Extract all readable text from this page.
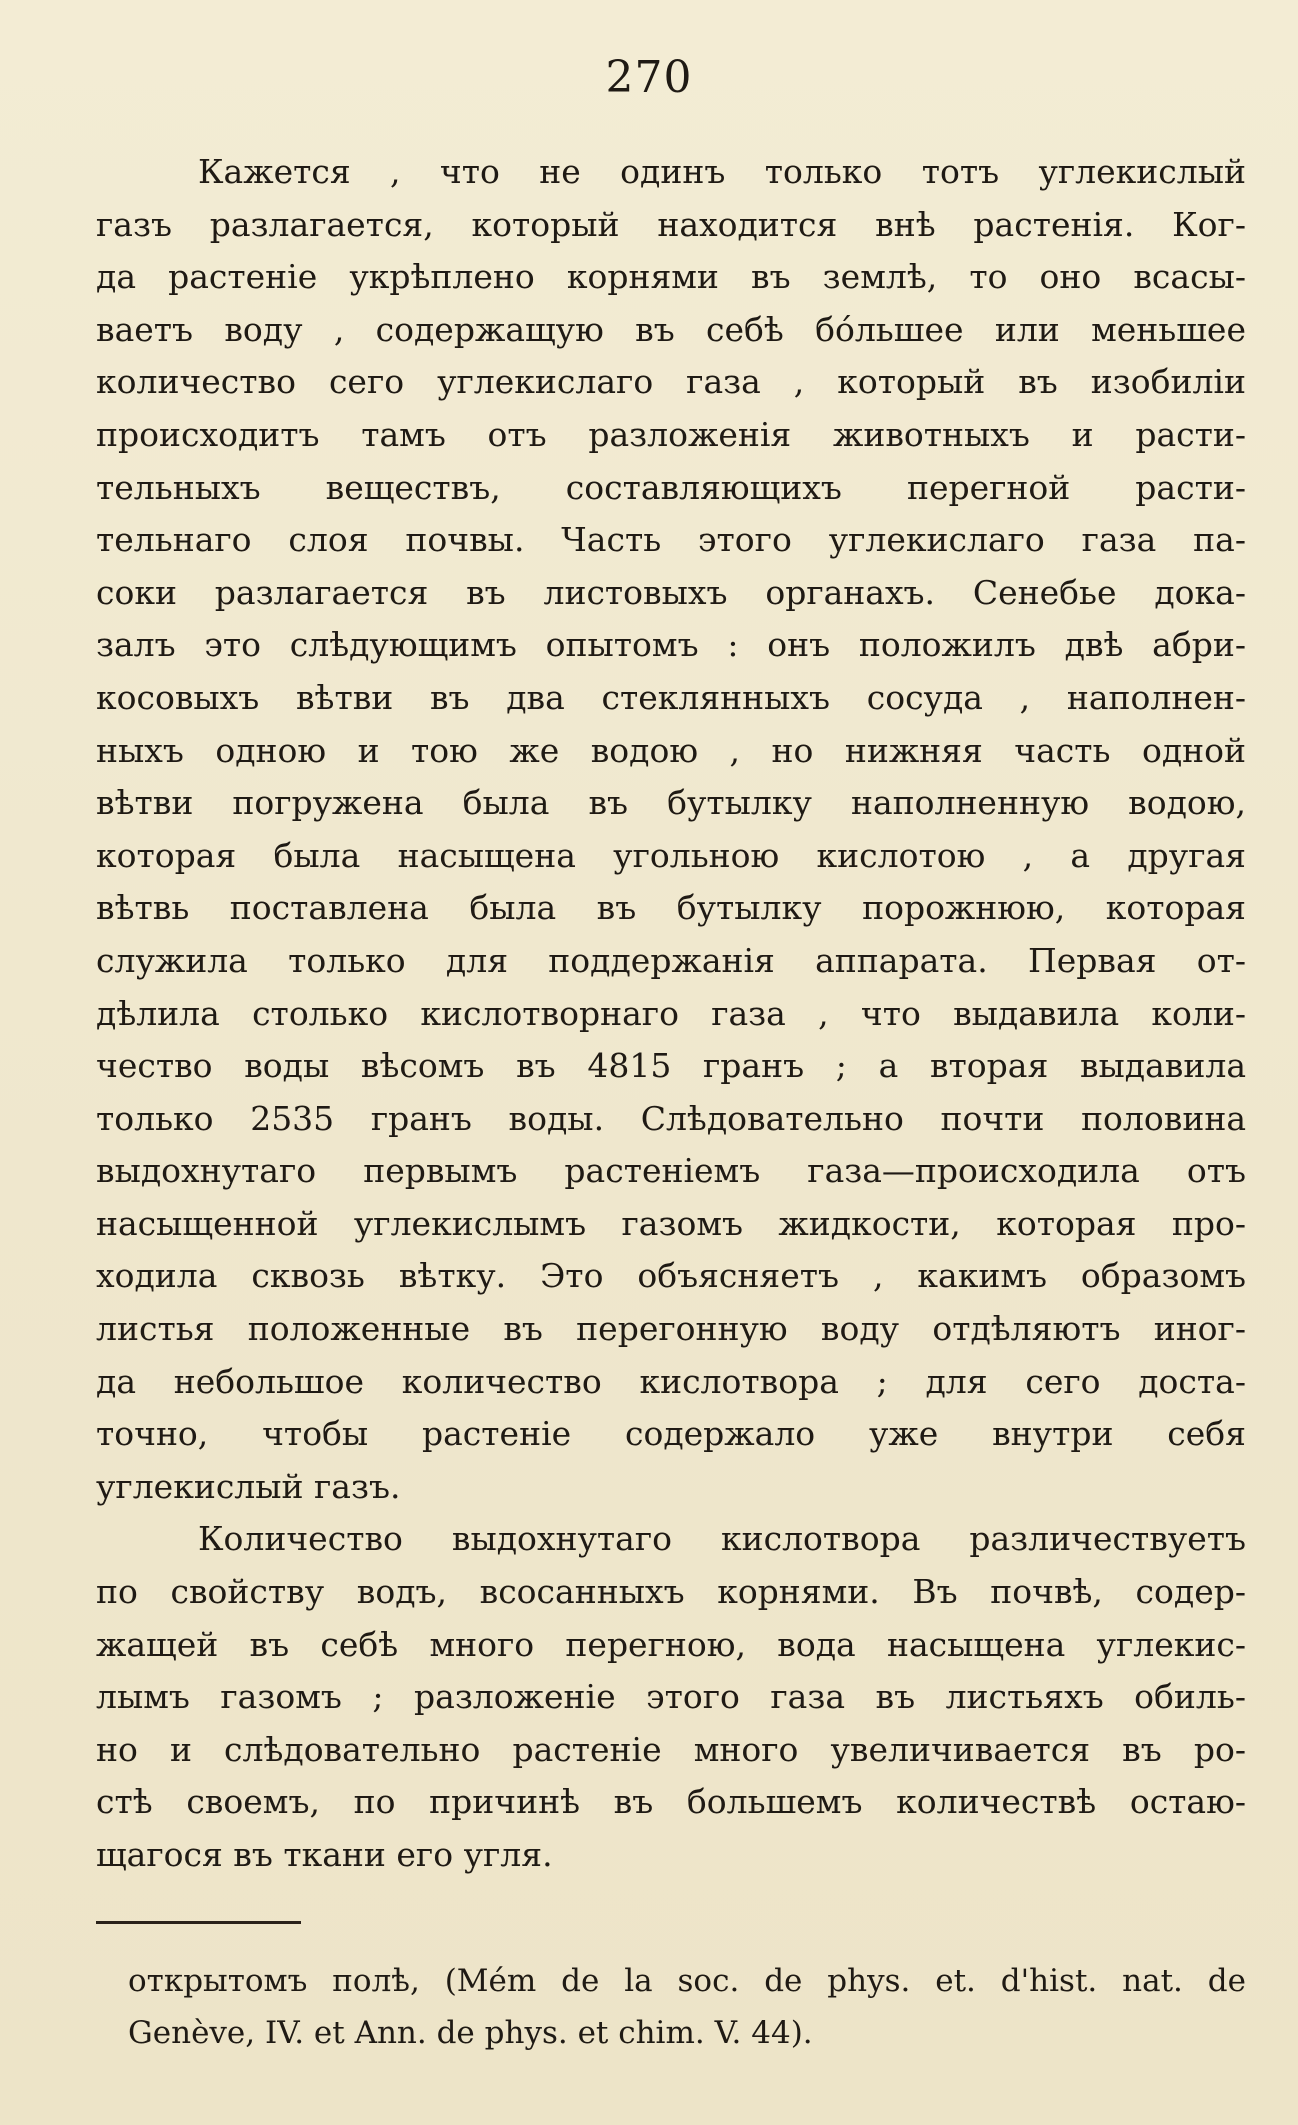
270

Кажется , что не одинъ только тотъ углекислый
газъ разлагается, который находится внѣ растенія. Ког-
да растеніе укрѣплено корнями въ землѣ, то оно всасы-
ваетъ воду , содержащую въ себѣ бо́льшее или меньшее
количество сего углекислаго газа , который въ изобиліи
происходитъ тамъ отъ разложенія животныхъ и расти-
тельныхъ веществъ, составляющихъ перегной расти-
тельнаго слоя почвы. Часть этого углекислаго газа па-
соки разлагается въ листовыхъ органахъ. Сенебье дока-
залъ это слѣдующимъ опытомъ : онъ положилъ двѣ абри-
косовыхъ вѣтви въ два стеклянныхъ сосуда , наполнен-
ныхъ одною и тою же водою , но нижняя часть одной
вѣтви погружена была въ бутылку наполненную водою,
которая была насыщена угольною кислотою , а другая
вѣтвь поставлена была въ бутылку порожнюю, которая
служила только для поддержанія аппарата. Первая от-
дѣлила столько кислотворнаго газа , что выдавила коли-
чество воды вѣсомъ въ 4815 гранъ ; а вторая выдавила
только 2535 гранъ воды. Слѣдовательно почти половина
выдохнутаго первымъ растеніемъ газа—происходила отъ
насыщенной углекислымъ газомъ жидкости, которая про-
ходила сквозь вѣтку. Это объясняетъ , какимъ образомъ
листья положенные въ перегонную воду отдѣляютъ иног-
да небольшое количество кислотвора ; для сего доста-
точно, чтобы растеніе содержало уже внутри себя
углекислый газъ.

Количество выдохнутаго кислотвора различествуетъ
по свойству водъ, всосанныхъ корнями. Въ почвѣ, содер-
жащей въ себѣ много перегною, вода насыщена углекис-
лымъ газомъ ; разложеніе этого газа въ листьяхъ обиль-
но и слѣдовательно растеніе много увеличивается въ ро-
стѣ своемъ, по причинѣ въ большемъ количествѣ остаю-
щагося въ ткани его угля.

открытомъ полѣ, (Mém de la soc. de phys. et. d'hist. nat. de
Genève, IV. et Ann. de phys. et chim. V. 44).
